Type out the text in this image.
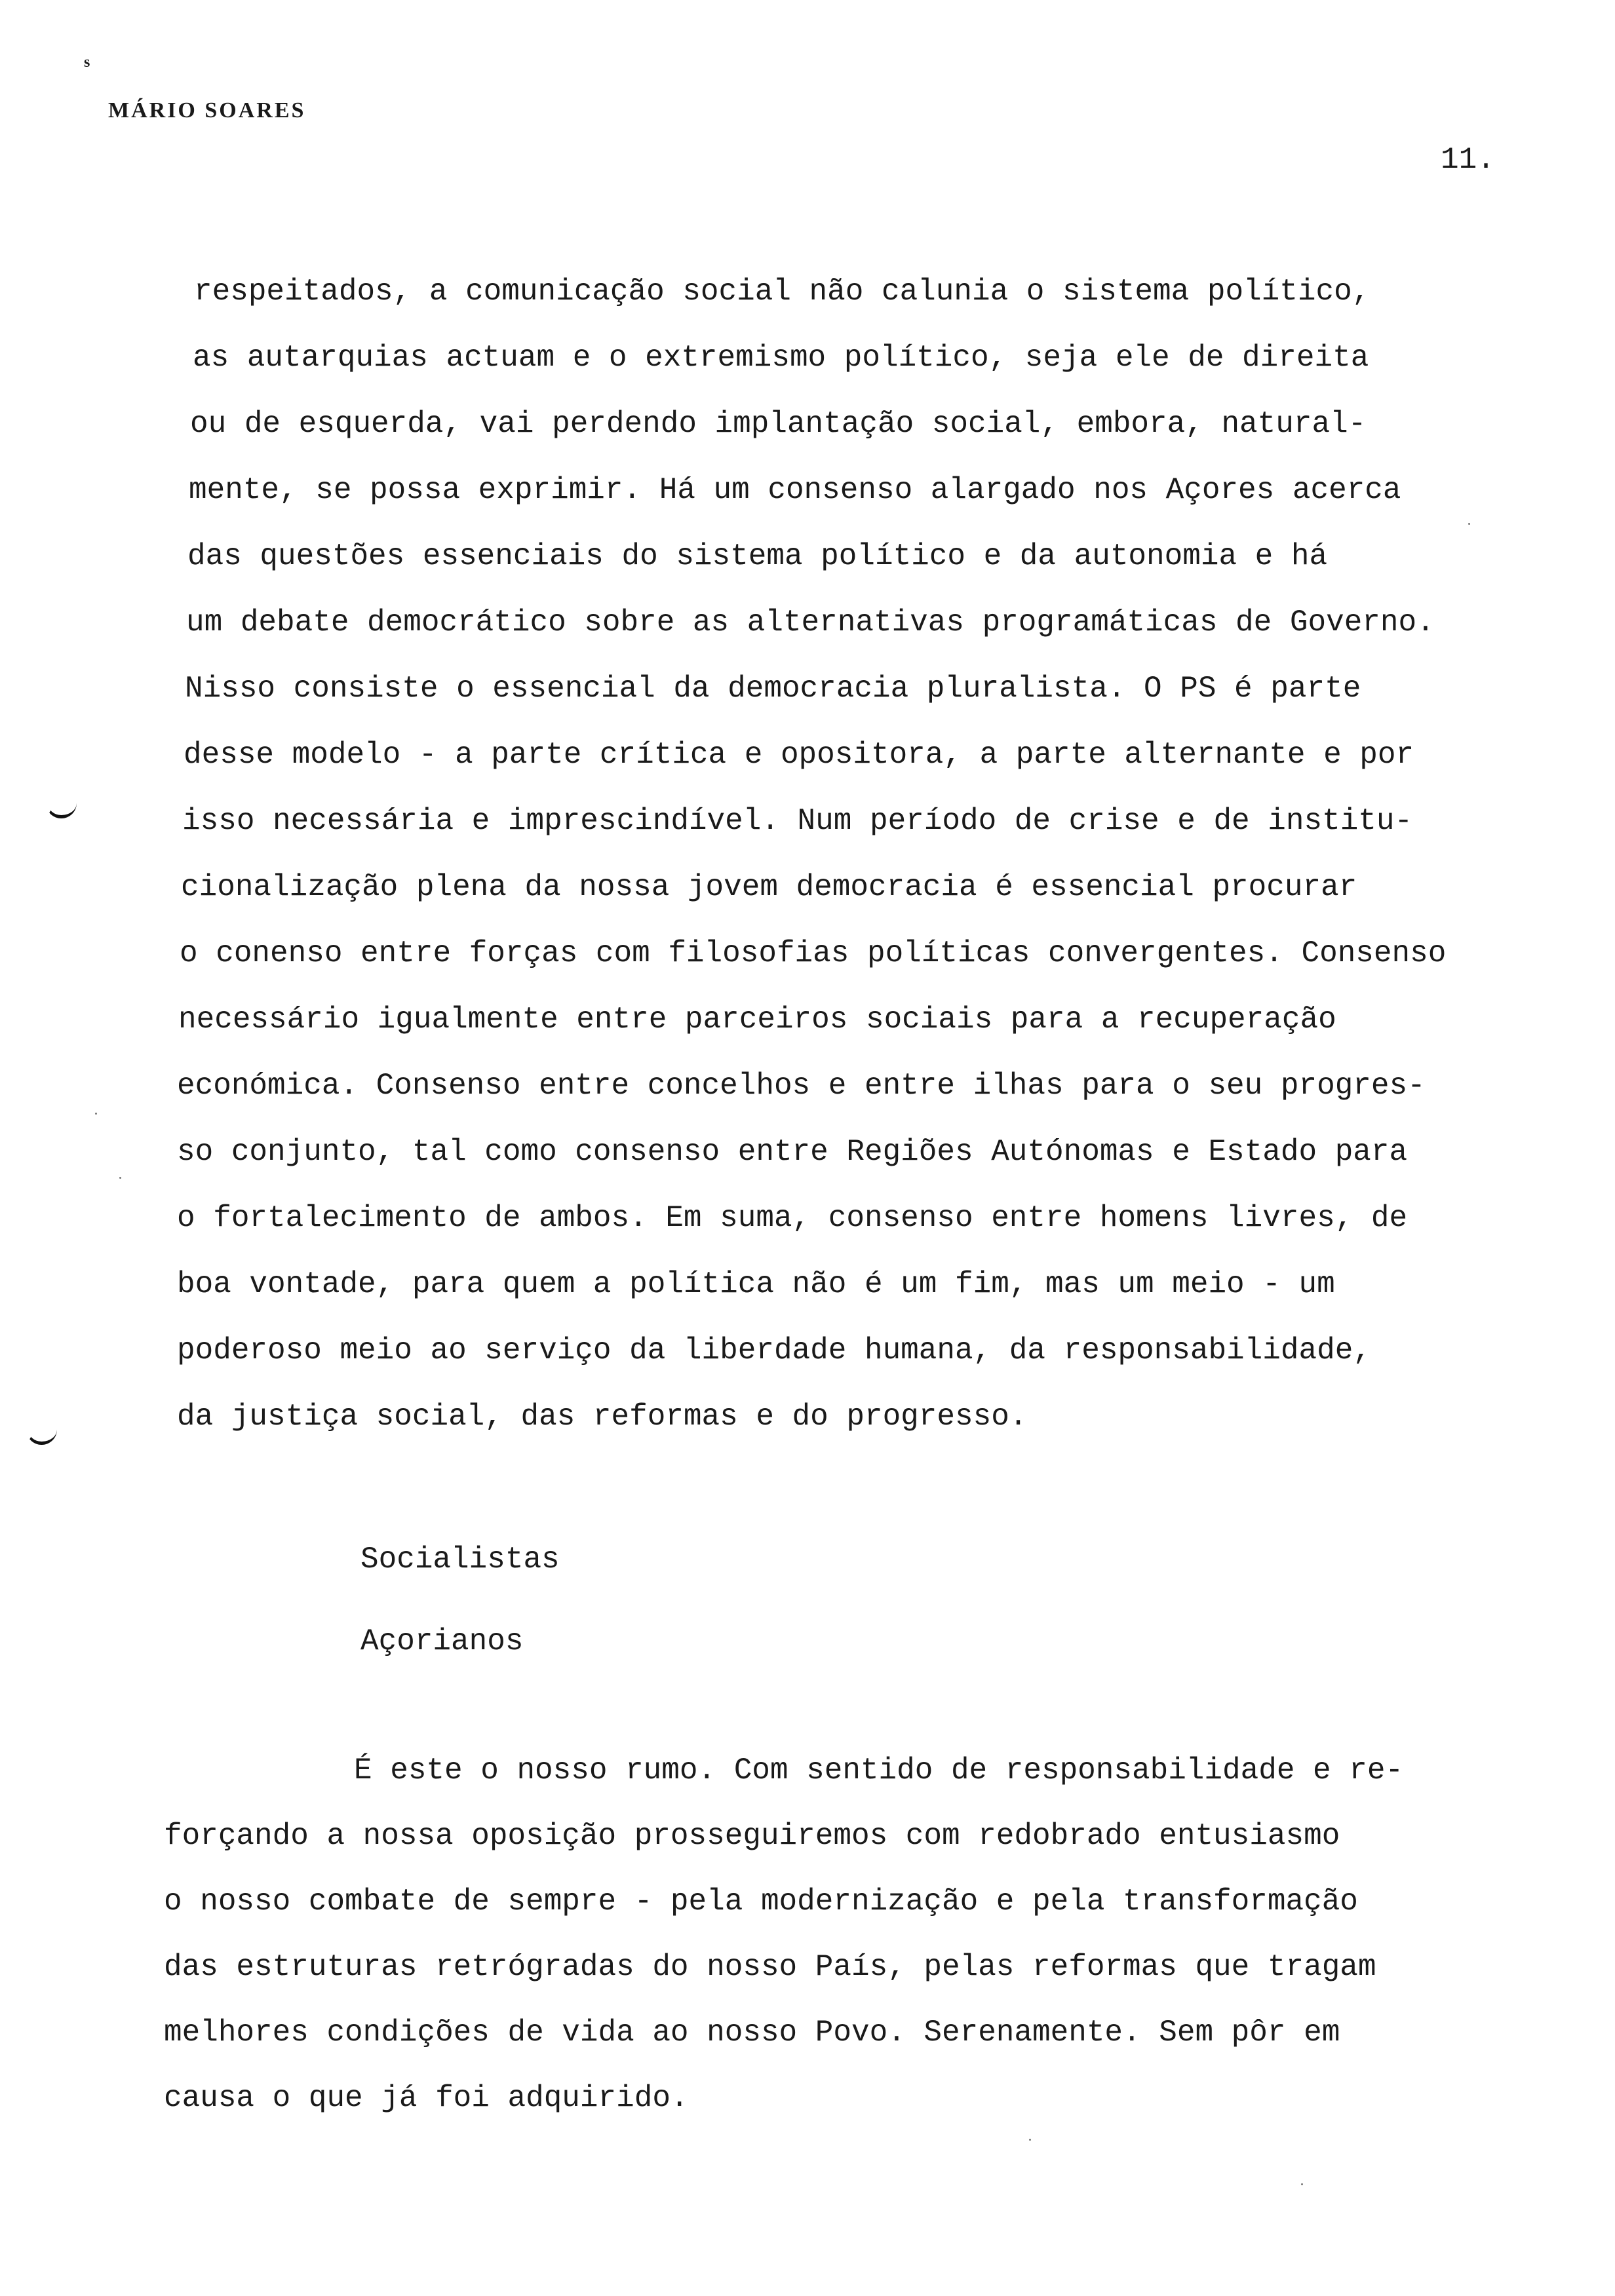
s
MÁRIO SOARES
11.
respeitados, a comunicação social não calunia o sistema político,
as autarquias actuam e o extremismo político, seja ele de direita
ou de esquerda, vai perdendo implantação social, embora, natural-
mente, se possa exprimir. Há um consenso alargado nos Açores acerca
das questões essenciais do sistema político e da autonomia e há
um debate democrático sobre as alternativas programáticas de Governo.
Nisso consiste o essencial da democracia pluralista. O PS é parte
desse modelo - a parte crítica e opositora, a parte alternante e por
isso necessária e imprescindível. Num período de crise e de institu-
cionalização plena da nossa jovem democracia é essencial procurar
o conenso entre forças com filosofias políticas convergentes. Consenso
necessário igualmente entre parceiros sociais para a recuperação
económica. Consenso entre concelhos e entre ilhas para o seu progres-
so conjunto, tal como consenso entre Regiões Autónomas e Estado para
o fortalecimento de ambos. Em suma, consenso entre homens livres, de
boa vontade, para quem a política não é um fim, mas um meio - um
poderoso meio ao serviço da liberdade humana, da responsabilidade,
da justiça social, das reformas e do progresso.
Socialistas
Açorianos
É este o nosso rumo. Com sentido de responsabilidade e re-
forçando a nossa oposição prosseguiremos com redobrado entusiasmo
o nosso combate de sempre - pela modernização e pela transformação
das estruturas retrógradas do nosso País, pelas reformas que tragam
melhores condições de vida ao nosso Povo. Serenamente. Sem pôr em
causa o que já foi adquirido.
